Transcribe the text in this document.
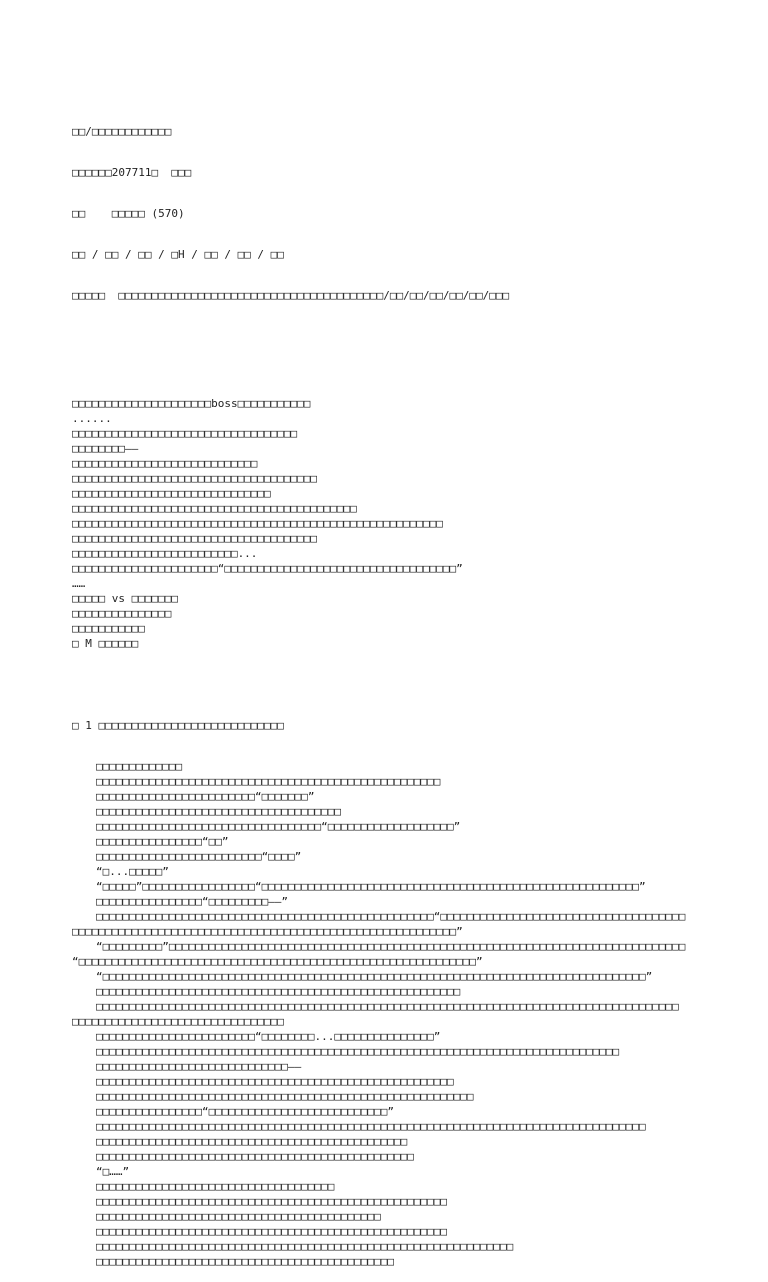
□□/□□□□□□□□□□□□

□□□□□□207711□  □□□

□□    □□□□□ (570)

□□ / □□ / □□ / □H / □□ / □□ / □□

□□□□□  □□□□□□□□□□□□□□□□□□□□□□□□□□□□□□□□□□□□□□□□/□□/□□/□□/□□/□□/□□□

□□□□□□□□□□□□□□□□□□□□□boss□□□□□□□□□□□
......
□□□□□□□□□□□□□□□□□□□□□□□□□□□□□□□□□□
□□□□□□□□——
□□□□□□□□□□□□□□□□□□□□□□□□□□□□
□□□□□□□□□□□□□□□□□□□□□□□□□□□□□□□□□□□□□
□□□□□□□□□□□□□□□□□□□□□□□□□□□□□□
□□□□□□□□□□□□□□□□□□□□□□□□□□□□□□□□□□□□□□□□□□□
□□□□□□□□□□□□□□□□□□□□□□□□□□□□□□□□□□□□□□□□□□□□□□□□□□□□□□□□
□□□□□□□□□□□□□□□□□□□□□□□□□□□□□□□□□□□□□
□□□□□□□□□□□□□□□□□□□□□□□□□...
□□□□□□□□□□□□□□□□□□□□□□“□□□□□□□□□□□□□□□□□□□□□□□□□□□□□□□□□□□”
……
□□□□□ vs □□□□□□□
□□□□□□□□□□□□□□□
□□□□□□□□□□□
□ M □□□□□□

□ 1 □□□□□□□□□□□□□□□□□□□□□□□□□□□□

□□□□□□□□□□□□□
□□□□□□□□□□□□□□□□□□□□□□□□□□□□□□□□□□□□□□□□□□□□□□□□□□□□
□□□□□□□□□□□□□□□□□□□□□□□□“□□□□□□□”
□□□□□□□□□□□□□□□□□□□□□□□□□□□□□□□□□□□□□
□□□□□□□□□□□□□□□□□□□□□□□□□□□□□□□□□□“□□□□□□□□□□□□□□□□□□□”
□□□□□□□□□□□□□□□□“□□”
□□□□□□□□□□□□□□□□□□□□□□□□□“□□□□”
“□...□□□□□”
“□□□□□”□□□□□□□□□□□□□□□□□“□□□□□□□□□□□□□□□□□□□□□□□□□□□□□□□□□□□□□□□□□□□□□□□□□□□□□□□□□”
□□□□□□□□□□□□□□□□“□□□□□□□□□——”
□□□□□□□□□□□□□□□□□□□□□□□□□□□□□□□□□□□□□□□□□□□□□□□□□□□“□□□□□□□□□□□□□□□□□□□□□□□□□□□□□□□□□□□□□
□□□□□□□□□□□□□□□□□□□□□□□□□□□□□□□□□□□□□□□□□□□□□□□□□□□□□□□□□□”
“□□□□□□□□□”□□□□□□□□□□□□□□□□□□□□□□□□□□□□□□□□□□□□□□□□□□□□□□□□□□□□□□□□□□□□□□□□□□□□□□□□□□□□□□
“□□□□□□□□□□□□□□□□□□□□□□□□□□□□□□□□□□□□□□□□□□□□□□□□□□□□□□□□□□□□”
“□□□□□□□□□□□□□□□□□□□□□□□□□□□□□□□□□□□□□□□□□□□□□□□□□□□□□□□□□□□□□□□□□□□□□□□□□□□□□□□□□□”
□□□□□□□□□□□□□□□□□□□□□□□□□□□□□□□□□□□□□□□□□□□□□□□□□□□□□□□
□□□□□□□□□□□□□□□□□□□□□□□□□□□□□□□□□□□□□□□□□□□□□□□□□□□□□□□□□□□□□□□□□□□□□□□□□□□□□□□□□□□□□□□□
□□□□□□□□□□□□□□□□□□□□□□□□□□□□□□□□
□□□□□□□□□□□□□□□□□□□□□□□□“□□□□□□□□...□□□□□□□□□□□□□□□”
□□□□□□□□□□□□□□□□□□□□□□□□□□□□□□□□□□□□□□□□□□□□□□□□□□□□□□□□□□□□□□□□□□□□□□□□□□□□□□□
□□□□□□□□□□□□□□□□□□□□□□□□□□□□□——
□□□□□□□□□□□□□□□□□□□□□□□□□□□□□□□□□□□□□□□□□□□□□□□□□□□□□□
□□□□□□□□□□□□□□□□□□□□□□□□□□□□□□□□□□□□□□□□□□□□□□□□□□□□□□□□□
□□□□□□□□□□□□□□□□“□□□□□□□□□□□□□□□□□□□□□□□□□□□”
□□□□□□□□□□□□□□□□□□□□□□□□□□□□□□□□□□□□□□□□□□□□□□□□□□□□□□□□□□□□□□□□□□□□□□□□□□□□□□□□□□□
□□□□□□□□□□□□□□□□□□□□□□□□□□□□□□□□□□□□□□□□□□□□□□□
□□□□□□□□□□□□□□□□□□□□□□□□□□□□□□□□□□□□□□□□□□□□□□□□
“□……”
□□□□□□□□□□□□□□□□□□□□□□□□□□□□□□□□□□□□
□□□□□□□□□□□□□□□□□□□□□□□□□□□□□□□□□□□□□□□□□□□□□□□□□□□□□
□□□□□□□□□□□□□□□□□□□□□□□□□□□□□□□□□□□□□□□□□□□
□□□□□□□□□□□□□□□□□□□□□□□□□□□□□□□□□□□□□□□□□□□□□□□□□□□□□
□□□□□□□□□□□□□□□□□□□□□□□□□□□□□□□□□□□□□□□□□□□□□□□□□□□□□□□□□□□□□□□
□□□□□□□□□□□□□□□□□□□□□□□□□□□□□□□□□□□□□□□□□□□□□
